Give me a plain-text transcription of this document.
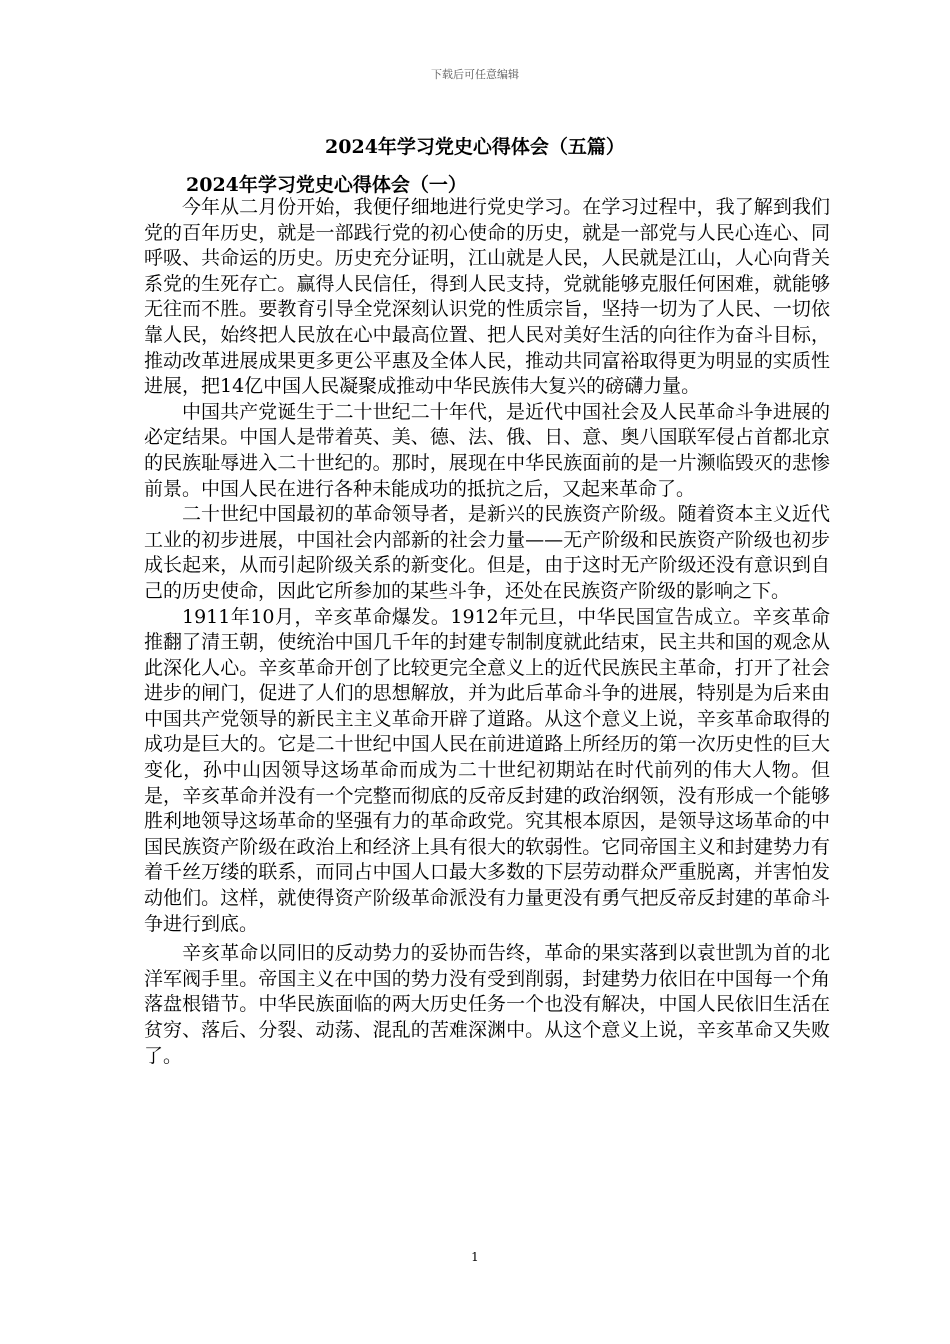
下载后可任意编辑
2024年学习党史心得体会（五篇）
2024年学习党史心得体会（一）

今年从二月份开始，我便仔细地进行党史学习。在学习过程中，我了解到我们党的百年历史，就是一部践行党的初心使命的历史，就是一部党与人民心连心、同呼吸、共命运的历史。历史充分证明，江山就是人民，人民就是江山，人心向背关系党的生死存亡。赢得人民信任，得到人民支持，党就能够克服任何困难，就能够无往而不胜。要教育引导全党深刻认识党的性质宗旨，坚持一切为了人民、一切依靠人民，始终把人民放在心中最高位置、把人民对美好生活的向往作为奋斗目标，推动改革进展成果更多更公平惠及全体人民，推动共同富裕取得更为明显的实质性进展，把14亿中国人民凝聚成推动中华民族伟大复兴的磅礴力量。

中国共产党诞生于二十世纪二十年代，是近代中国社会及人民革命斗争进展的必定结果。中国人是带着英、美、德、法、俄、日、意、奥八国联军侵占首都北京的民族耻辱进入二十世纪的。那时，展现在中华民族面前的是一片濒临毁灭的悲惨前景。中国人民在进行各种未能成功的抵抗之后，又起来革命了。

二十世纪中国最初的革命领导者，是新兴的民族资产阶级。随着资本主义近代工业的初步进展，中国社会内部新的社会力量——无产阶级和民族资产阶级也初步成长起来，从而引起阶级关系的新变化。但是，由于这时无产阶级还没有意识到自己的历史使命，因此它所参加的某些斗争，还处在民族资产阶级的影响之下。

1911年10月，辛亥革命爆发。1912年元旦，中华民国宣告成立。辛亥革命推翻了清王朝，使统治中国几千年的封建专制制度就此结束，民主共和国的观念从此深化人心。辛亥革命开创了比较更完全意义上的近代民族民主革命，打开了社会进步的闸门，促进了人们的思想解放，并为此后革命斗争的进展，特别是为后来由中国共产党领导的新民主主义革命开辟了道路。从这个意义上说，辛亥革命取得的成功是巨大的。它是二十世纪中国人民在前进道路上所经历的第一次历史性的巨大变化，孙中山因领导这场革命而成为二十世纪初期站在时代前列的伟大人物。但是，辛亥革命并没有一个完整而彻底的反帝反封建的政治纲领，没有形成一个能够胜利地领导这场革命的坚强有力的革命政党。究其根本原因，是领导这场革命的中国民族资产阶级在政治上和经济上具有很大的软弱性。它同帝国主义和封建势力有着千丝万缕的联系，而同占中国人口最大多数的下层劳动群众严重脱离，并害怕发动他们。这样，就使得资产阶级革命派没有力量更没有勇气把反帝反封建的革命斗争进行到底。

辛亥革命以同旧的反动势力的妥协而告终，革命的果实落到以袁世凯为首的北洋军阀手里。帝国主义在中国的势力没有受到削弱，封建势力依旧在中国每一个角落盘根错节。中华民族面临的两大历史任务一个也没有解决，中国人民依旧生活在贫穷、落后、分裂、动荡、混乱的苦难深渊中。从这个意义上说，辛亥革命又失败了。

1
